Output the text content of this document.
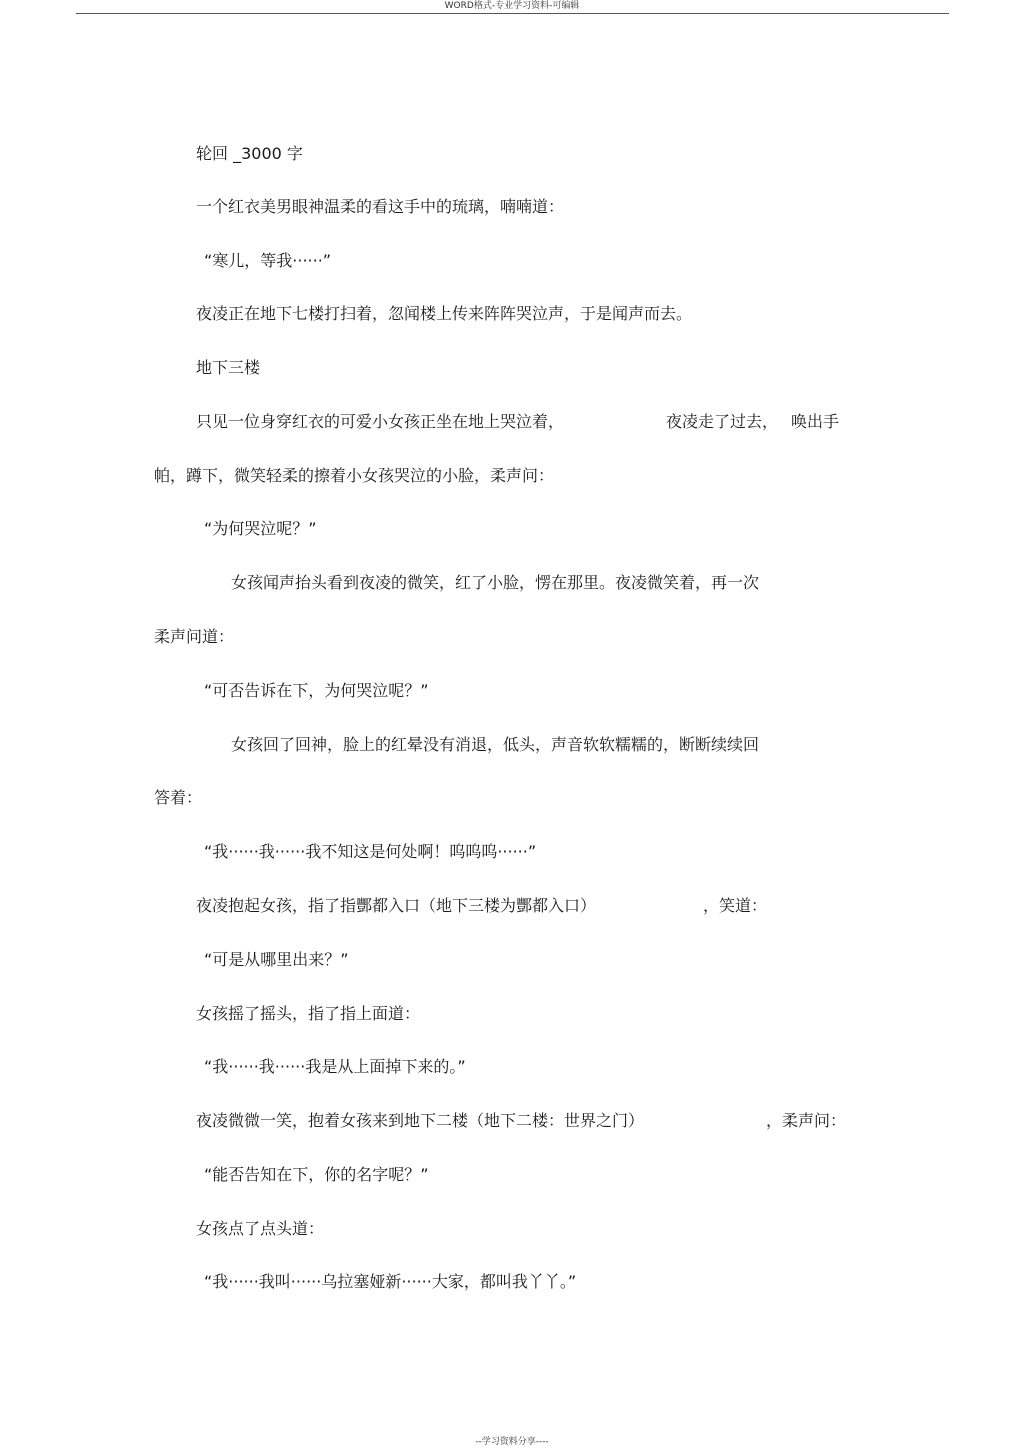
WORD格式-专业学习资料-可编辑
轮回 _3000 字
一个红衣美男眼神温柔的看这手中的琉璃，喃喃道：
“寒儿，等我······”
夜凌正在地下七楼打扫着，忽闻楼上传来阵阵哭泣声，于是闻声而去。
地下三楼
只见一位身穿红衣的可爱小女孩正坐在地上哭泣着，	夜凌走了过去， 唤出手
帕，蹲下，微笑轻柔的擦着小女孩哭泣的小脸，柔声问：
“为何哭泣呢？”
女孩闻声抬头看到夜凌的微笑，红了小脸，愣在那里。夜凌微笑着，再一次
柔声问道：
“可否告诉在下，为何哭泣呢？”
女孩回了回神，脸上的红晕没有消退，低头，声音软软糯糯的，断断续续回
答着：
“我······我······我不知这是何处啊！呜呜呜······”
夜凌抱起女孩，指了指酆都入口（地下三楼为酆都入口）	，笑道：
“可是从哪里出来？”
女孩摇了摇头，指了指上面道：
“我······我······我是从上面掉下来的。”
夜凌微微一笑，抱着女孩来到地下二楼（地下二楼：世界之门）	，柔声问：
“能否告知在下，你的名字呢？”
女孩点了点头道：
“我······我叫······乌拉塞娅新······大家，都叫我丫丫。”
--学习资料分享----
